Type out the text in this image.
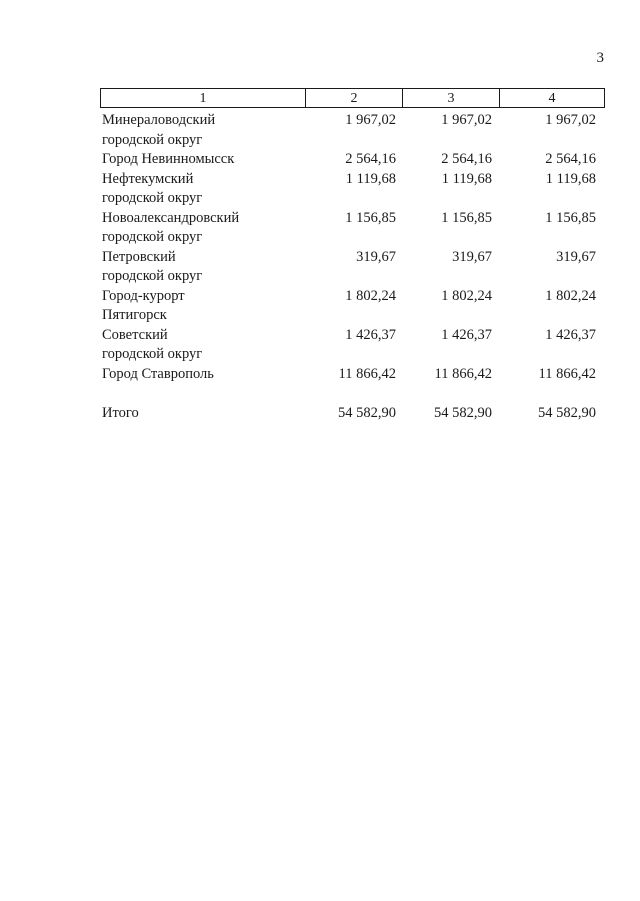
3
1	2	3	4
Минераловодский
городской округ
1 967,02	1 967,02	1 967,02
Город Невинномысск	2 564,16	2 564,16	2 564,16
Нефтекумский
городской округ
1 119,68	1 119,68	1 119,68
Новоалександровский
городской округ
1 156,85	1 156,85	1 156,85
Петровский
городской округ
319,67	319,67	319,67
Город-курорт
Пятигорск
1 802,24	1 802,24	1 802,24
Советский
городской округ
1 426,37	1 426,37	1 426,37
Город Ставрополь	11 866,42	11 866,42	11 866,42
Итого	54 582,90	54 582,90	54 582,90
